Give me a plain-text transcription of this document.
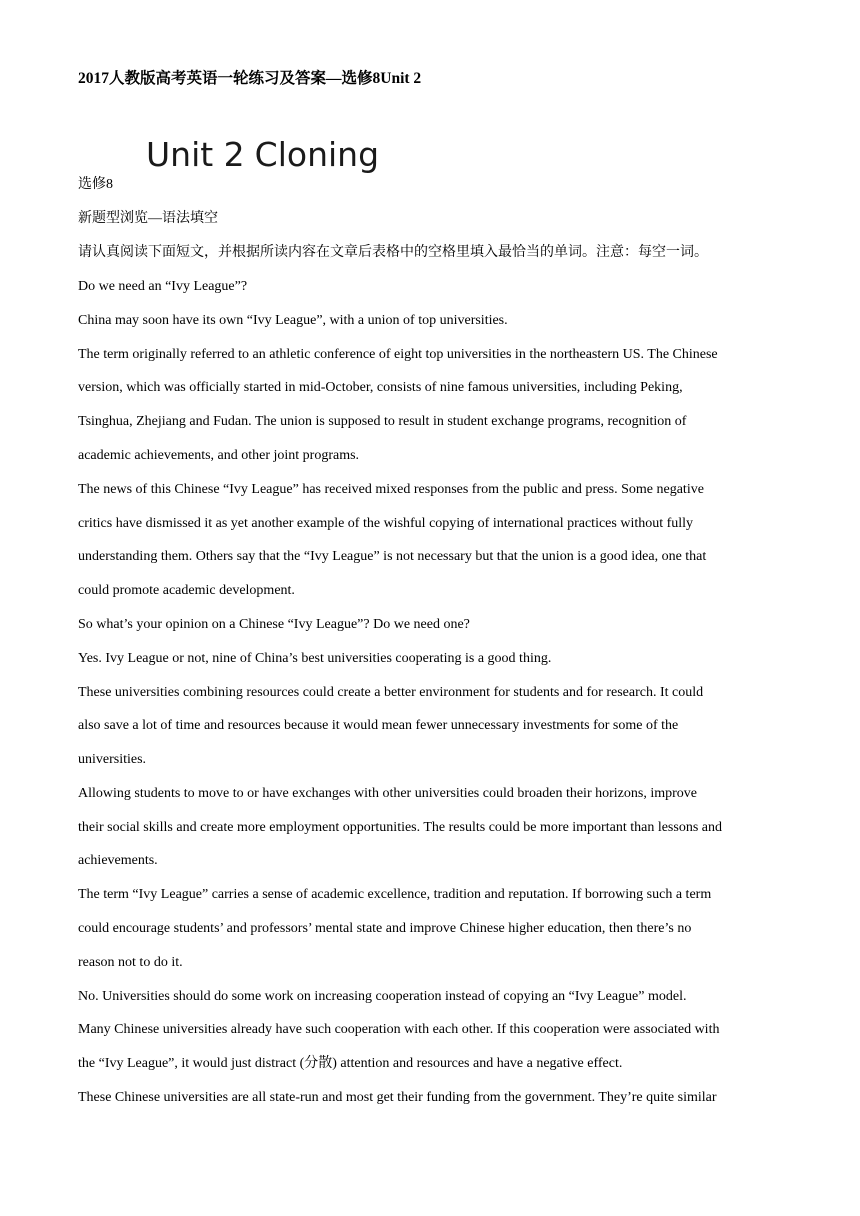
2017人教版高考英语一轮练习及答案—选修8Unit 2
Unit 2 Cloning
选修8
新题型浏览—语法填空
请认真阅读下面短文，并根据所读内容在文章后表格中的空格里填入最恰当的单词。注意：每空一词。
Do we need an “Ivy League”?
China may soon have its own “Ivy League”, with a union of top universities.
The term originally referred to an athletic conference of eight top universities in the northeastern US. The Chinese
version, which was officially started in mid-October, consists of nine famous universities, including Peking,
Tsinghua, Zhejiang and Fudan. The union is supposed to result in student exchange programs, recognition of
academic achievements, and other joint programs.
The news of this Chinese “Ivy League” has received mixed responses from the public and press. Some negative
critics have dismissed it as yet another example of the wishful copying of international practices without fully
understanding them. Others say that the “Ivy League” is not necessary but that the union is a good idea, one that
could promote academic development.
So what’s your opinion on a Chinese “Ivy League”? Do we need one?
Yes. Ivy League or not, nine of China’s best universities cooperating is a good thing.
These universities combining resources could create a better environment for students and for research. It could
also save a lot of time and resources because it would mean fewer unnecessary investments for some of the
universities.
Allowing students to move to or have exchanges with other universities could broaden their horizons, improve
their social skills and create more employment opportunities. The results could be more important than lessons and
achievements.
The term “Ivy League” carries a sense of academic excellence, tradition and reputation. If borrowing such a term
could encourage students’ and professors’ mental state and improve Chinese higher education, then there’s no
reason not to do it.
No. Universities should do some work on increasing cooperation instead of copying an “Ivy League” model.
Many Chinese universities already have such cooperation with each other. If this cooperation were associated with
the “Ivy League”, it would just distract (分散) attention and resources and have a negative effect.
These Chinese universities are all state-run and most get their funding from the government. They’re quite similar
